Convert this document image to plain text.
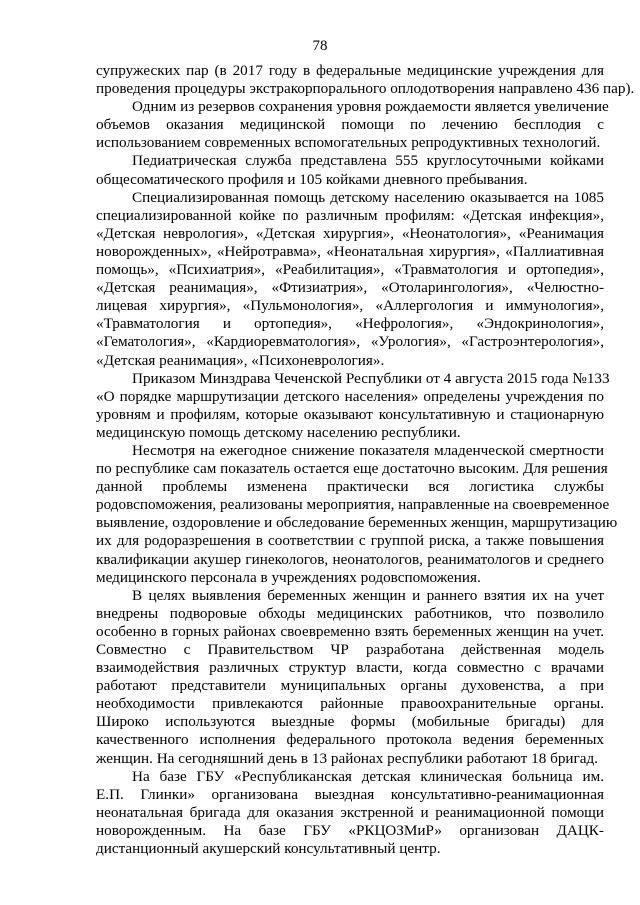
78
супружеских пар (в 2017 году в федеральные медицинские учреждения для
проведения процедуры экстракорпорального оплодотворения направлено 436 пар).
Одним из резервов сохранения уровня рождаемости является увеличение
объемов оказания медицинской помощи по лечению бесплодия с
использованием современных вспомогательных репродуктивных технологий.
Педиатрическая служба представлена 555 круглосуточными койками
общесоматического профиля и 105 койками дневного пребывания.
Специализированная помощь детскому населению оказывается на 1085
специализированной койке по различным профилям: «Детская инфекция»,
«Детская неврология», «Детская хирургия», «Неонатология», «Реанимация
новорожденных», «Нейротравма», «Неонатальная хирургия», «Паллиативная
помощь», «Психиатрия», «Реабилитация», «Травматология и ортопедия»,
«Детская реанимация», «Фтизиатрия», «Отоларингология», «Челюстно-
лицевая хирургия», «Пульмонология», «Аллергология и иммунология»,
«Травматология и ортопедия», «Нефрология», «Эндокринология»,
«Гематология», «Кардиоревматология», «Урология», «Гастроэнтерология»,
«Детская реанимация», «Психоневрология».
Приказом Минздрава Чеченской Республики от 4 августа 2015 года №133
«О порядке маршрутизации детского населения» определены учреждения по
уровням и профилям, которые оказывают консультативную и стационарную
медицинскую помощь детскому населению республики.
Несмотря на ежегодное снижение показателя младенческой смертности
по республике сам показатель остается еще достаточно высоким. Для решения
данной проблемы изменена практически вся логистика службы
родовспоможения, реализованы мероприятия, направленные на своевременное
выявление, оздоровление и обследование беременных женщин, маршрутизацию
их для родоразрешения в соответствии с группой риска, а также повышения
квалификации акушер гинекологов, неонатологов, реаниматологов и среднего
медицинского персонала в учреждениях родовспоможения.
В целях выявления беременных женщин и раннего взятия их на учет
внедрены подворовые обходы медицинских работников, что позволило
особенно в горных районах своевременно взять беременных женщин на учет.
Совместно с Правительством ЧР разработана действенная модель
взаимодействия различных структур власти, когда совместно с врачами
работают представители муниципальных органы духовенства, а при
необходимости привлекаются районные правоохранительные органы.
Широко используются выездные формы (мобильные бригады) для
качественного исполнения федерального протокола ведения беременных
женщин. На сегодняшний день в 13 районах республики работают 18 бригад.
На базе ГБУ «Республиканская детская клиническая больница им.
Е.П. Глинки» организована выездная консультативно-реанимационная
неонатальная бригада для оказания экстренной и реанимационной помощи
новорожденным. На базе ГБУ «РКЦОЗМиР» организован ДАЦК-
дистанционный акушерский консультативный центр.
